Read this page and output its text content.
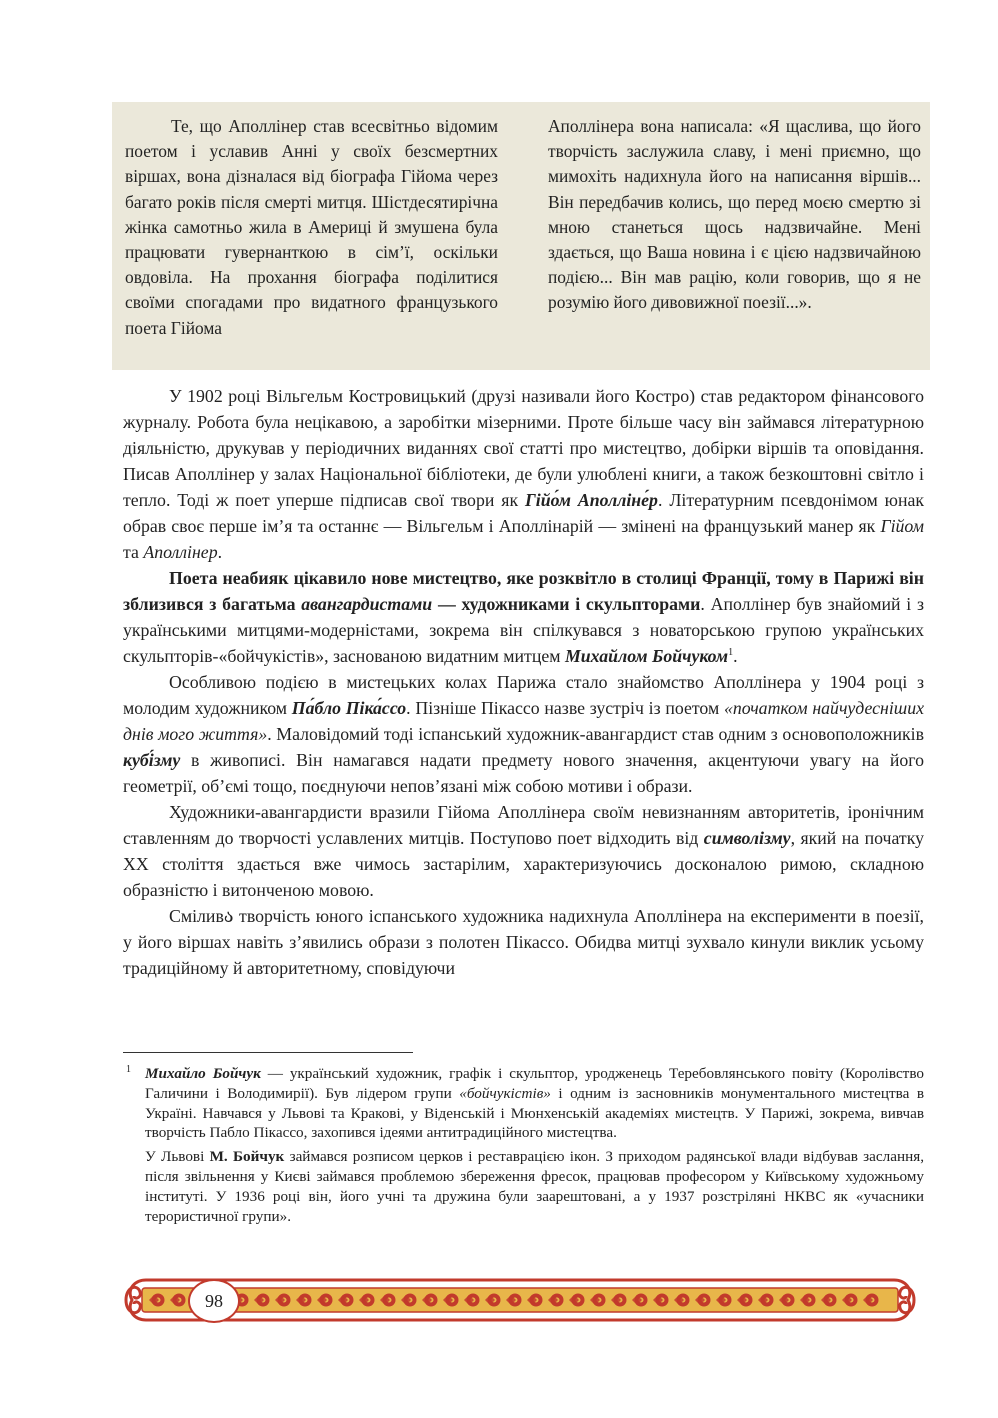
Те, що Аполлінер став всесвітньо відомим поетом і уславив Анні у своїх безсмертних віршах, вона дізналася від біографа Гійома через багато років після смерті митця. Шістдесятирічна жінка самотньо жила в Америці й змушена була працювати гувернанткою в сім’ї, оскільки овдовіла. На прохання біографа поділитися своїми спогадами про видатного французького поета Гійома

Аполлінера вона написала: «Я щаслива, що його творчість заслужила славу, і мені приємно, що мимохіть надихнула його на написання віршів... Він передбачив колись, що перед моєю смертю зі мною станеться щось надзвичайне. Мені здається, що Ваша новина і є цією надзвичайною подією... Він мав рацію, коли говорив, що я не розумію його дивовижної поезії...».

У 1902 році Вільгельм Костровицький (друзі називали його Костро) став редактором фінансового журналу. Робота була нецікавою, а заробітки мізерними. Проте більше часу він займався літературною діяльністю, друкував у періодичних виданнях свої статті про мистецтво, добірки віршів та оповідання. Писав Аполлінер у залах Національної бібліотеки, де були улюблені книги, а також безкоштовні світло і тепло. Тоді ж поет уперше підписав свої твори як Гійо́м Аполліне́р. Літературним псевдонімом юнак обрав своє перше ім’я та останнє — Вільгельм і Аполлінарій — змінені на французький манер як Гійом та Аполлінер.

Поета неабияк цікавило нове мистецтво, яке розквітло в столиці Франції, тому в Парижі він зблизився з багатьма авангардистами — художниками і скульпторами. Аполлінер був знайомий і з українськими митцями-модерністами, зокрема він спілкувався з новаторською групою українських скульпторів-«бойчукістів», заснованою видатним митцем Михайлом Бойчуком$^1$.

Особливою подією в мистецьких колах Парижа стало знайомство Аполлінера у 1904 році з молодим художником Па́бло Піка́ссо. Пізніше Пікассо назве зустріч із поетом «початком найчудесніших днів мого життя». Маловідомий тоді іспанський художник-авангардист став одним з основоположників кубі́зму в живописі. Він намагався надати предмету нового значення, акцентуючи увагу на його геометрії, об’ємі тощо, поєднуючи непов’язані між собою мотиви і образи.

Художники-авангардисти вразили Гійома Аполлінера своїм невизнанням авторитетів, іронічним ставленням до творчості уславлених митців. Поступово поет відходить від символізму, який на початку XX століття здається вже чимось застарілим, характеризуючись досконалою римою, складною образністю і витонченою мовою.

Сміливა творчість юного іспанського художника надихнула Аполлінера на експерименти в поезії, у його віршах навіть з’явились образи з полотен Пікассо. Обидва митці зухвало кинули виклик усьому традиційному й авторитетному, сповідуючи

1 Михайло Бойчук — український художник, графік і скульптор, уродженець Теребовлянського повіту (Королівство Галичини і Володимирії). Був лідером групи «бойчукістів» і одним із засновників монументального мистецтва в Україні. Навчався у Львові та Кракові, у Віденській і Мюнхенській академіях мистецтв. У Парижі, зокрема, вивчав творчість Пабло Пікассо, захопився ідеями антитрадиційного мистецтва.

У Львові М. Бойчук займався розписом церков і реставрацією ікон. З приходом радянської влади відбував заслання, після звільнення у Києві займався проблемою збереження фресок, працював професором у Київському художньому інституті. У 1936 році він, його учні та дружина були заарештовані, а у 1937 розстріляні НКВС як «учасники терористичної групи».

98
